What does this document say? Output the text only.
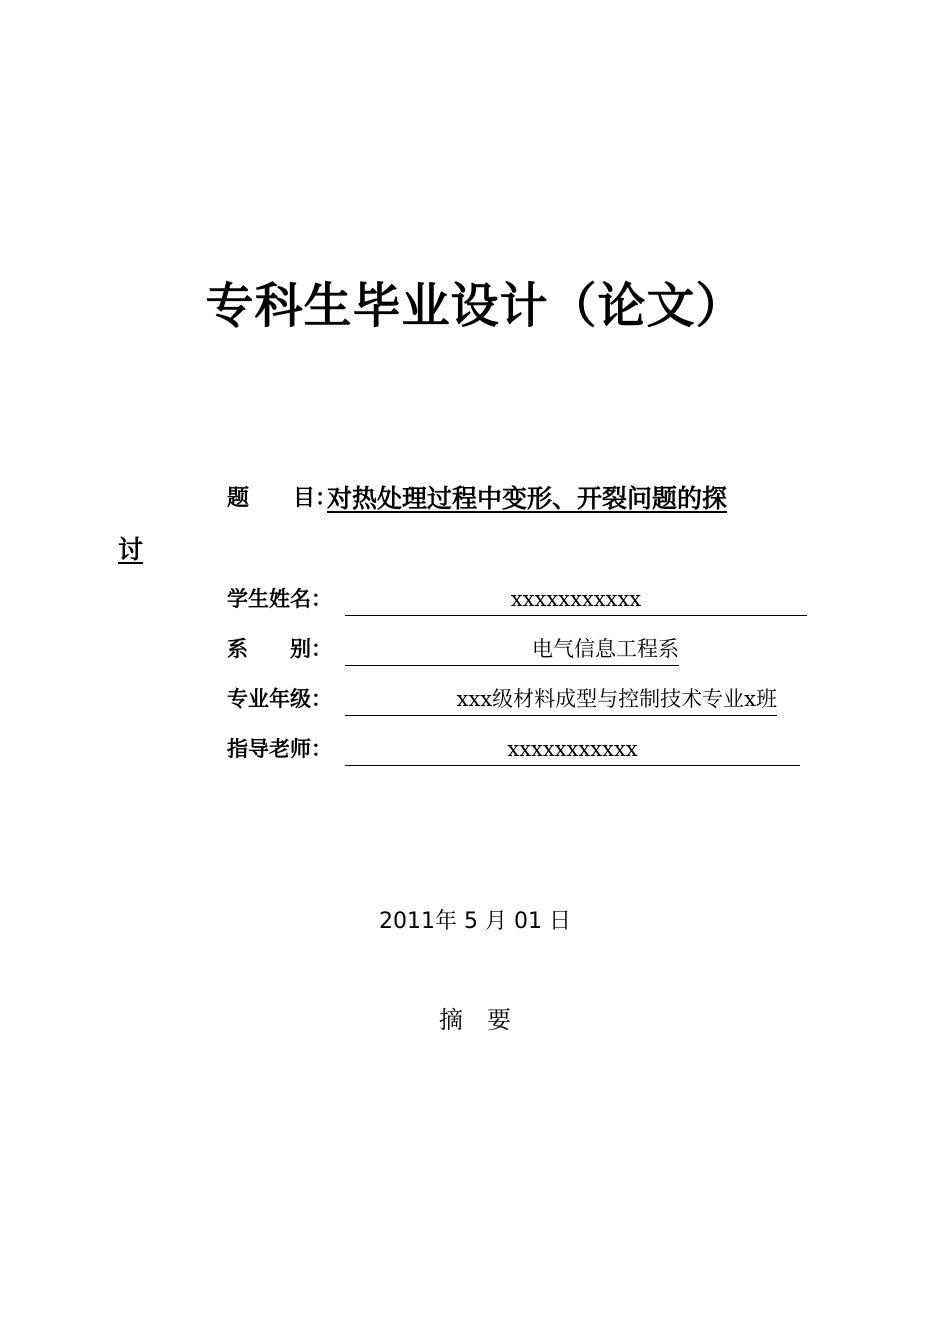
专科生毕业设计（论文）
题　　目：对热处理过程中变形、开裂问题的探
讨
学生姓名：	xxxxxxxxxxx
系　　别：	电气信息工程系
专业年级：	xxx级材料成型与控制技术专业x班
指导老师：	xxxxxxxxxxx
2011年 5 月 01 日
摘要
